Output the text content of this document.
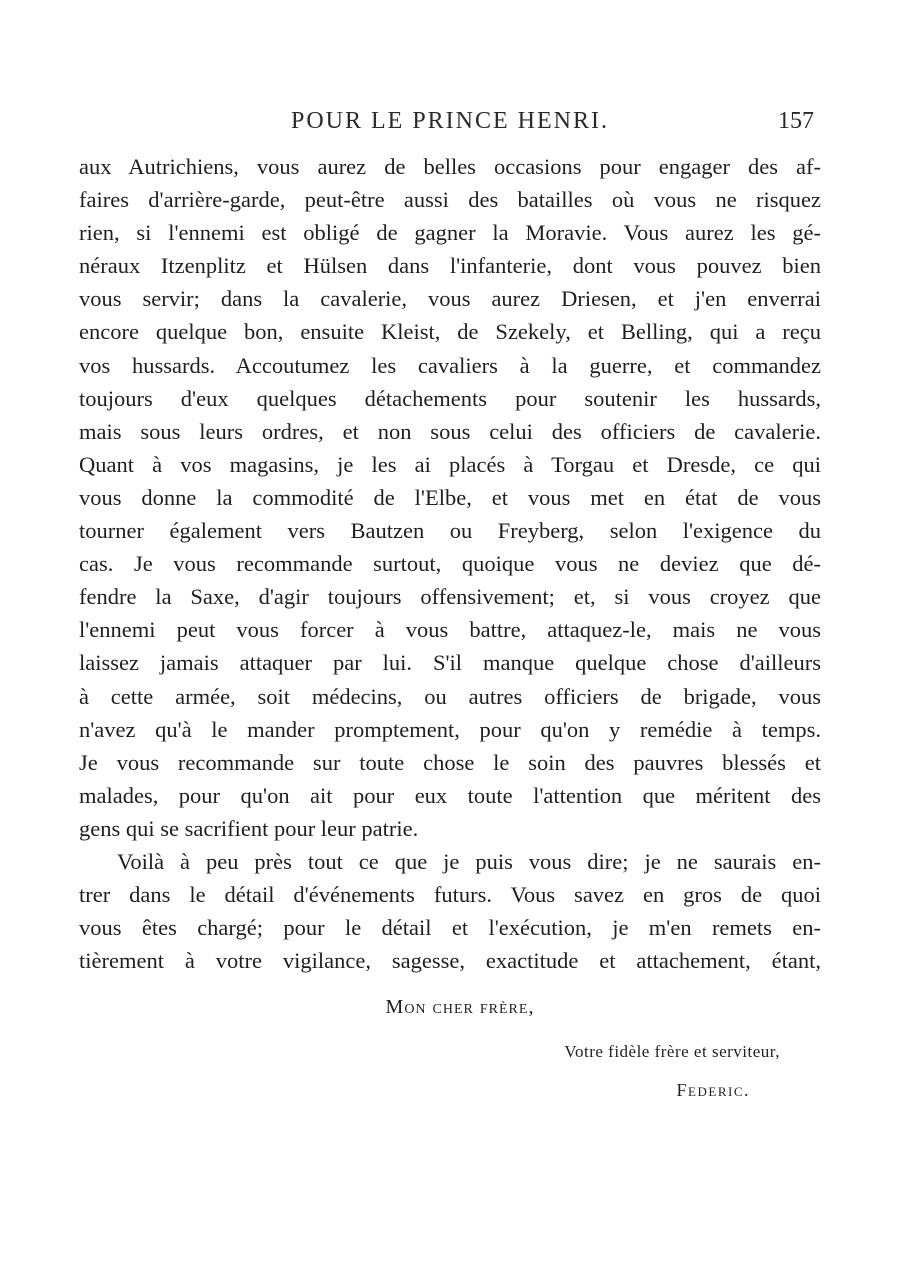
POUR LE PRINCE HENRI.	157
aux Autrichiens, vous aurez de belles occasions pour engager des af-
faires d'arrière-garde, peut-être aussi des batailles où vous ne risquez
rien, si l'ennemi est obligé de gagner la Moravie. Vous aurez les gé-
néraux Itzenplitz et Hülsen dans l'infanterie, dont vous pouvez bien
vous servir; dans la cavalerie, vous aurez Driesen, et j'en enverrai
encore quelque bon, ensuite Kleist, de Szekely, et Belling, qui a reçu
vos hussards. Accoutumez les cavaliers à la guerre, et commandez
toujours d'eux quelques détachements pour soutenir les hussards,
mais sous leurs ordres, et non sous celui des officiers de cavalerie.
Quant à vos magasins, je les ai placés à Torgau et Dresde, ce qui
vous donne la commodité de l'Elbe, et vous met en état de vous
tourner également vers Bautzen ou Freyberg, selon l'exigence du
cas. Je vous recommande surtout, quoique vous ne deviez que dé-
fendre la Saxe, d'agir toujours offensivement; et, si vous croyez que
l'ennemi peut vous forcer à vous battre, attaquez-le, mais ne vous
laissez jamais attaquer par lui. S'il manque quelque chose d'ailleurs
à cette armée, soit médecins, ou autres officiers de brigade, vous
n'avez qu'à le mander promptement, pour qu'on y remédie à temps.
Je vous recommande sur toute chose le soin des pauvres blessés et
malades, pour qu'on ait pour eux toute l'attention que méritent des
gens qui se sacrifient pour leur patrie.
Voilà à peu près tout ce que je puis vous dire; je ne saurais en-
trer dans le détail d'événements futurs. Vous savez en gros de quoi
vous êtes chargé; pour le détail et l'exécution, je m'en remets en-
tièrement à votre vigilance, sagesse, exactitude et attachement, étant,
Mon cher frère,
Votre fidèle frère et serviteur,
Federic.
